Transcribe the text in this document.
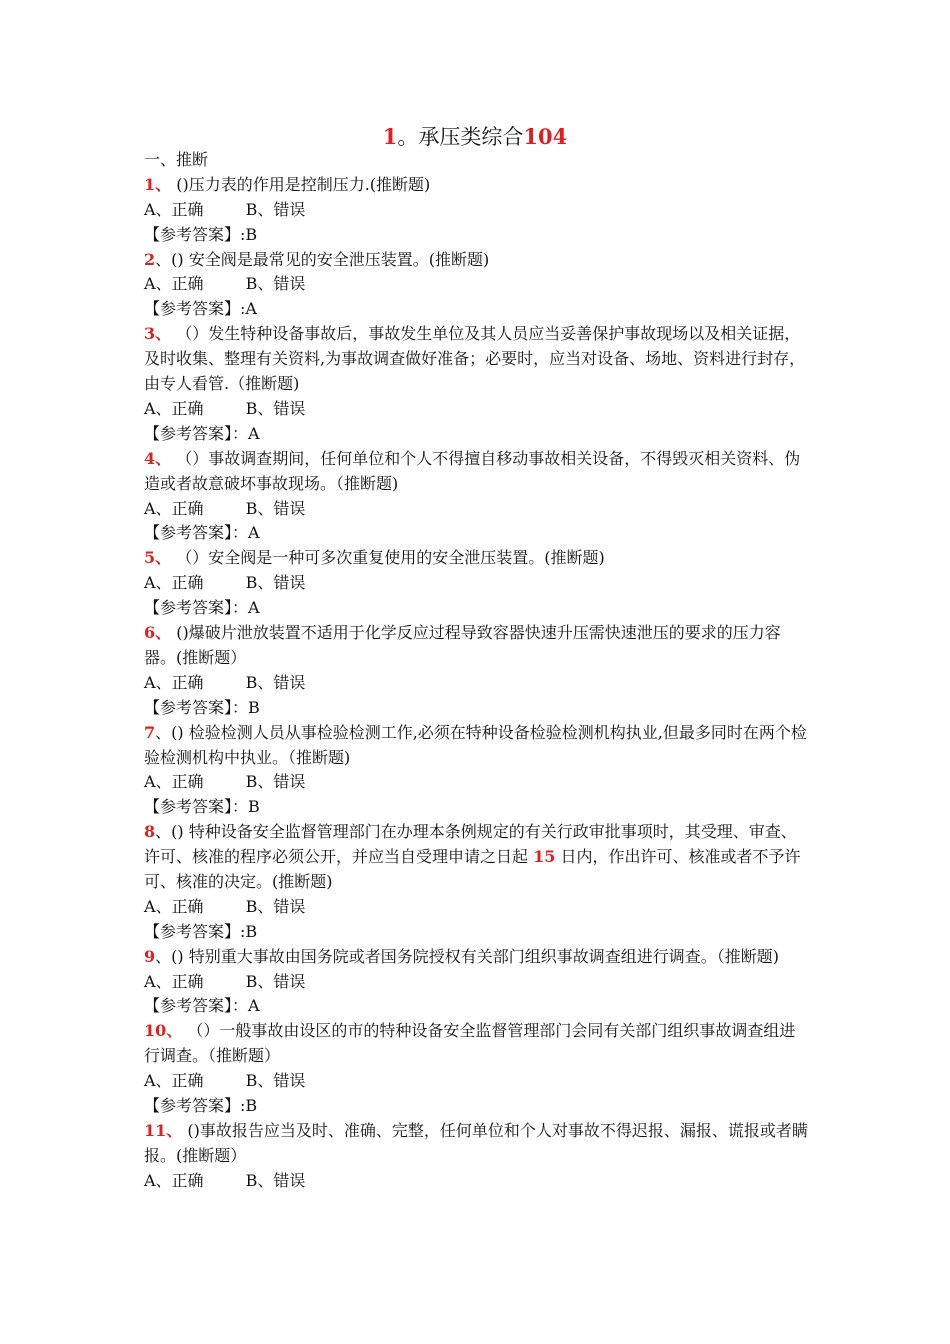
1。承压类综合104
一、推断
1、 ()压力表的作用是控制压力.(推断题)
A、正确	B、错误
【参考答案】:B
2、() 安全阀是最常见的安全泄压装置。(推断题)
A、正确	B、错误
【参考答案】:A
3、 （）发生特种设备事故后，事故发生单位及其人员应当妥善保护事故现场以及相关证据，及时收集、整理有关资料,为事故调查做好准备；必要时，应当对设备、场地、资料进行封存，由专人看管.（推断题)
A、正确	B、错误
【参考答案】：A
4、 （）事故调查期间，任何单位和个人不得擅自移动事故相关设备，不得毁灭相关资料、伪造或者故意破坏事故现场。（推断题)
A、正确	B、错误
【参考答案】：A
5、 （）安全阀是一种可多次重复使用的安全泄压装置。(推断题)
A、正确	B、错误
【参考答案】：A
6、 ()爆破片泄放装置不适用于化学反应过程导致容器快速升压需快速泄压的要求的压力容器。(推断题）
A、正确	B、错误
【参考答案】：B
7、() 检验检测人员从事检验检测工作,必须在特种设备检验检测机构执业,但最多同时在两个检验检测机构中执业。（推断题)
A、正确	B、错误
【参考答案】：B
8、() 特种设备安全监督管理部门在办理本条例规定的有关行政审批事项时，其受理、审查、许可、核准的程序必须公开，并应当自受理申请之日起 15 日内，作出许可、核准或者不予许可、核准的决定。(推断题)
A、正确	B、错误
【参考答案】:B
9、() 特别重大事故由国务院或者国务院授权有关部门组织事故调查组进行调查。（推断题)
A、正确	B、错误
【参考答案】：A
10、 （）一般事故由设区的市的特种设备安全监督管理部门会同有关部门组织事故调查组进行调查。（推断题）
A、正确	B、错误
【参考答案】:B
11、 ()事故报告应当及时、准确、完整，任何单位和个人对事故不得迟报、漏报、谎报或者瞒报。(推断题）
A、正确	B、错误
